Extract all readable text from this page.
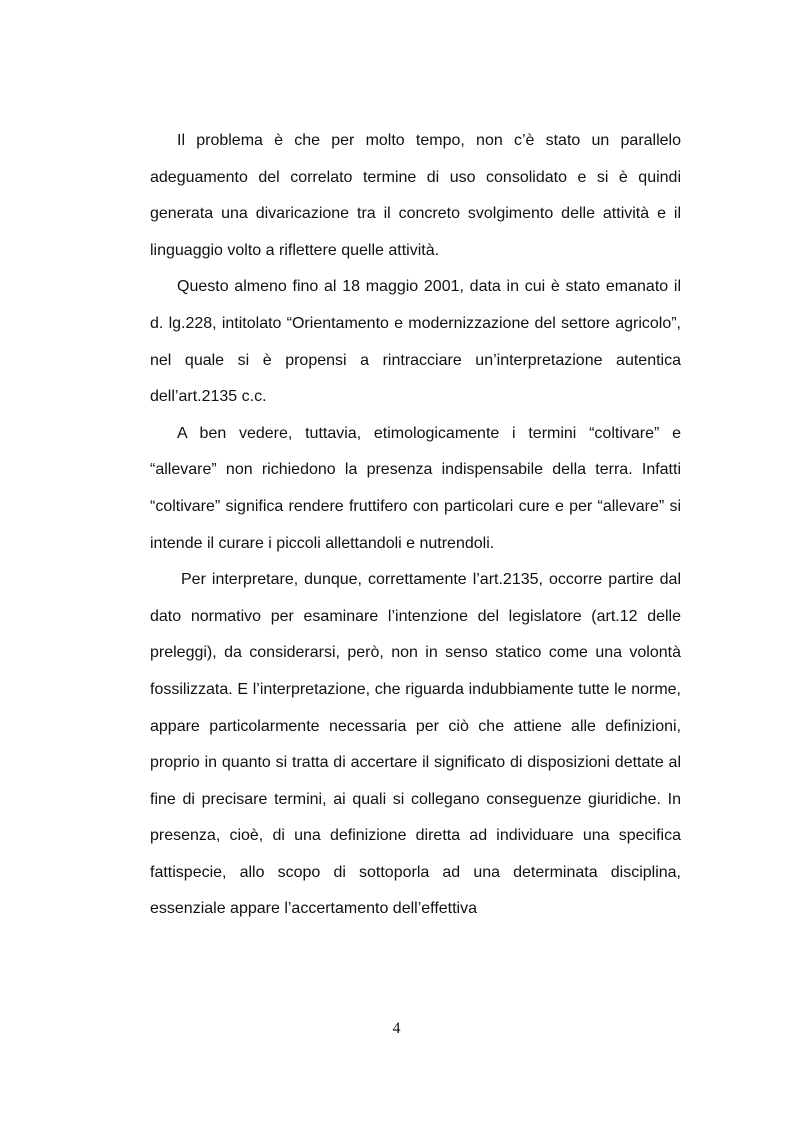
Il problema è che per molto tempo, non c’è stato un parallelo adeguamento del correlato termine di uso consolidato e si è quindi generata una divaricazione tra il concreto svolgimento delle attività e il linguaggio volto a riflettere quelle attività.

Questo almeno fino al 18 maggio 2001, data in cui è stato emanato il d. lg.228, intitolato “Orientamento e modernizzazione del settore agricolo”, nel quale si è propensi a rintracciare un’interpretazione autentica dell’art.2135 c.c.

A ben vedere, tuttavia, etimologicamente i termini “coltivare” e “allevare” non richiedono la presenza indispensabile della terra. Infatti “coltivare” significa rendere fruttifero con particolari cure e per “allevare” si intende il curare i piccoli allettandoli e nutrendoli.

Per interpretare, dunque, correttamente l’art.2135, occorre partire dal dato normativo per esaminare l’intenzione del legislatore (art.12 delle preleggi), da considerarsi, però, non in senso statico come una volontà fossilizzata. E l’interpretazione, che riguarda indubbiamente tutte le norme, appare particolarmente necessaria per ciò che attiene alle definizioni, proprio in quanto si tratta di accertare il significato di disposizioni dettate al fine di precisare termini, ai quali si collegano conseguenze giuridiche. In presenza, cioè, di una definizione diretta ad individuare una specifica fattispecie, allo scopo di sottoporla ad una determinata disciplina, essenziale appare l’accertamento dell’effettiva

4
